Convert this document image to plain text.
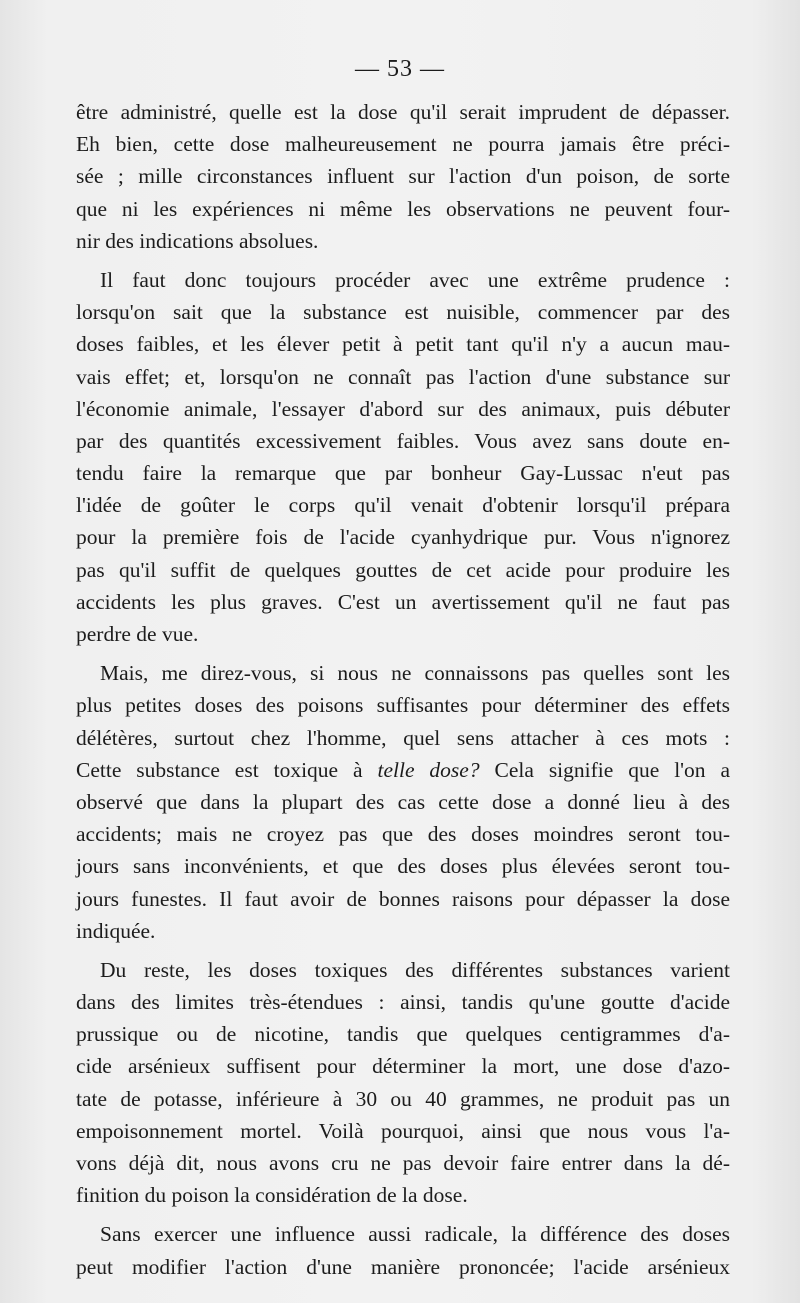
— 53 —
être administré, quelle est la dose qu'il serait imprudent de dépasser.
Eh bien, cette dose malheureusement ne pourra jamais être préci-
sée ; mille circonstances influent sur l'action d'un poison, de sorte
que ni les expériences ni même les observations ne peuvent four-
nir des indications absolues.
Il faut donc toujours procéder avec une extrême prudence :
lorsqu'on sait que la substance est nuisible, commencer par des
doses faibles, et les élever petit à petit tant qu'il n'y a aucun mau-
vais effet; et, lorsqu'on ne connaît pas l'action d'une substance sur
l'économie animale, l'essayer d'abord sur des animaux, puis débuter
par des quantités excessivement faibles. Vous avez sans doute en-
tendu faire la remarque que par bonheur Gay-Lussac n'eut pas
l'idée de goûter le corps qu'il venait d'obtenir lorsqu'il prépara
pour la première fois de l'acide cyanhydrique pur. Vous n'ignorez
pas qu'il suffit de quelques gouttes de cet acide pour produire les
accidents les plus graves. C'est un avertissement qu'il ne faut pas
perdre de vue.
Mais, me direz-vous, si nous ne connaissons pas quelles sont les
plus petites doses des poisons suffisantes pour déterminer des effets
délétères, surtout chez l'homme, quel sens attacher à ces mots :
Cette substance est toxique à telle dose? Cela signifie que l'on a
observé que dans la plupart des cas cette dose a donné lieu à des
accidents; mais ne croyez pas que des doses moindres seront tou-
jours sans inconvénients, et que des doses plus élevées seront tou-
jours funestes. Il faut avoir de bonnes raisons pour dépasser la dose
indiquée.
Du reste, les doses toxiques des différentes substances varient
dans des limites très-étendues : ainsi, tandis qu'une goutte d'acide
prussique ou de nicotine, tandis que quelques centigrammes d'a-
cide arsénieux suffisent pour déterminer la mort, une dose d'azo-
tate de potasse, inférieure à 30 ou 40 grammes, ne produit pas un
empoisonnement mortel. Voilà pourquoi, ainsi que nous vous l'a-
vons déjà dit, nous avons cru ne pas devoir faire entrer dans la dé-
finition du poison la considération de la dose.
Sans exercer une influence aussi radicale, la différence des doses
peut modifier l'action d'une manière prononcée; l'acide arsénieux
